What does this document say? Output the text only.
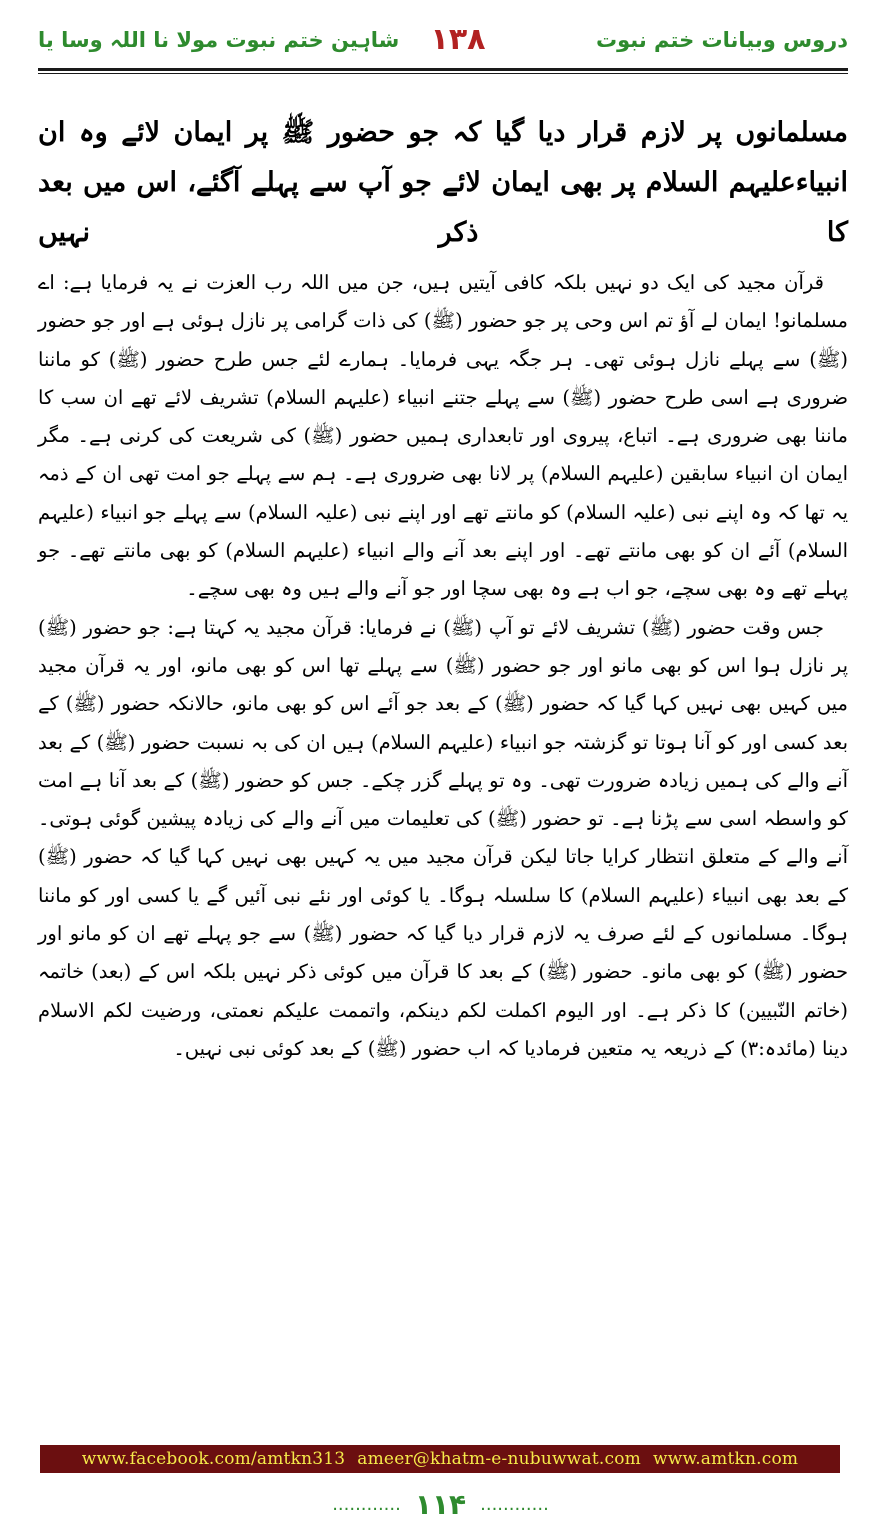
شاہین ختم نبوت مولا نا اللہ وسا یا	۱۳۸	دروس وبیانات ختم نبوت
مسلمانوں پر لازم قرار دیا گیا کہ جو حضور ﷺ پر ایمان لائے وہ ان انبیاءعلیہم السلام پر بھی ایمان لائے جو آپ سے پہلے آگئے، اس میں بعد کا ذکر نہیں

قرآن مجید کی ایک دو نہیں بلکہ کافی آیتیں ہیں، جن میں اللہ رب العزت نے یہ فرمایا ہے: اے مسلمانو! ایمان لے آؤ تم اس وحی پر جو حضور (ﷺ) کی ذات گرامی پر نازل ہوئی ہے اور جو حضور (ﷺ) سے پہلے نازل ہوئی تھی۔ ہر جگہ یہی فرمایا۔ ہمارے لئے جس طرح حضور (ﷺ) کو ماننا ضروری ہے اسی طرح حضور (ﷺ) سے پہلے جتنے انبیاء (علیہم السلام) تشریف لائے تھے ان سب کا ماننا بھی ضروری ہے۔ اتباع، پیروی اور تابعداری ہمیں حضور (ﷺ) کی شریعت کی کرنی ہے۔ مگر ایمان ان انبیاء سابقین (علیہم السلام) پر لانا بھی ضروری ہے۔ ہم سے پہلے جو امت تھی ان کے ذمہ یہ تھا کہ وہ اپنے نبی (علیہ السلام) کو مانتے تھے اور اپنے نبی (علیہ السلام) سے پہلے جو انبیاء (علیہم السلام) آئے ان کو بھی مانتے تھے۔ اور اپنے بعد آنے والے انبیاء (علیہم السلام) کو بھی مانتے تھے۔ جو پہلے تھے وہ بھی سچے، جو اب ہے وہ بھی سچا اور جو آنے والے ہیں وہ بھی سچے۔

جس وقت حضور (ﷺ) تشریف لائے تو آپ (ﷺ) نے فرمایا: قرآن مجید یہ کہتا ہے: جو حضور (ﷺ) پر نازل ہوا اس کو بھی مانو اور جو حضور (ﷺ) سے پہلے تھا اس کو بھی مانو، اور یہ قرآن مجید میں کہیں بھی نہیں کہا گیا کہ حضور (ﷺ) کے بعد جو آئے اس کو بھی مانو، حالانکہ حضور (ﷺ) کے بعد کسی اور کو آنا ہوتا تو گزشتہ جو انبیاء (علیہم السلام) ہیں ان کی بہ نسبت حضور (ﷺ) کے بعد آنے والے کی ہمیں زیادہ ضرورت تھی۔ وہ تو پہلے گزر چکے۔ جس کو حضور (ﷺ) کے بعد آنا ہے امت کو واسطہ اسی سے پڑنا ہے۔ تو حضور (ﷺ) کی تعلیمات میں آنے والے کی زیادہ پیشین گوئی ہوتی۔ آنے والے کے متعلق انتظار کرایا جاتا لیکن قرآن مجید میں یہ کہیں بھی نہیں کہا گیا کہ حضور (ﷺ) کے بعد بھی انبیاء (علیہم السلام) کا سلسلہ ہوگا۔ یا کوئی اور نئے نبی آئیں گے یا کسی اور کو ماننا ہوگا۔ مسلمانوں کے لئے صرف یہ لازم قرار دیا گیا کہ حضور (ﷺ) سے جو پہلے تھے ان کو مانو اور حضور (ﷺ) کو بھی مانو۔ حضور (ﷺ) کے بعد کا قرآن میں کوئی ذکر نہیں بلکہ اس کے (بعد) خاتمہ (خاتم النّبیین) کا ذکر ہے۔ اور الیوم اکملت لکم دینکم، واتممت علیکم نعمتی، ورضیت لکم الاسلام دینا (مائدہ:۳) کے ذریعہ یہ متعین فرمادیا کہ اب حضور (ﷺ) کے بعد کوئی نبی نہیں۔

www.facebook.com/amtkn313 ameer@khatm-e-nubuwwat.com www.amtkn.com
............ ۱۱۴ ............
